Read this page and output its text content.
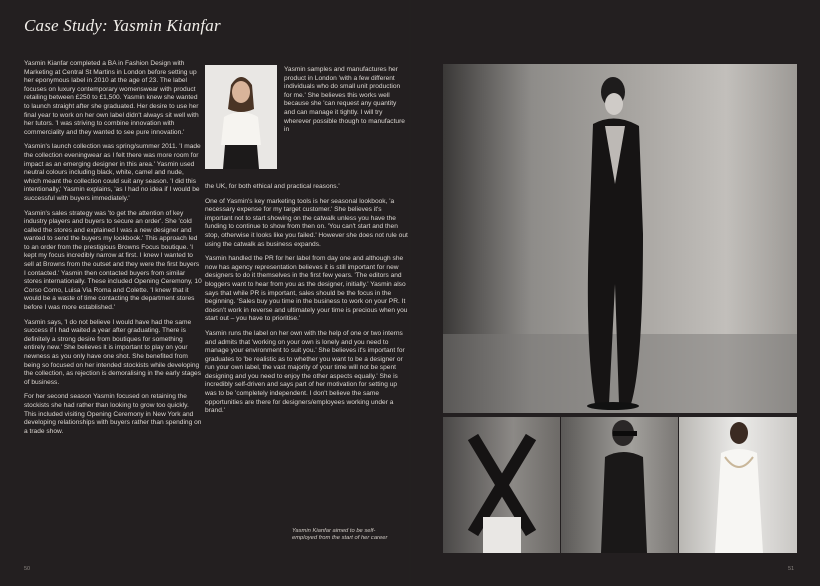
Case Study: Yasmin Kianfar

Yasmin Kianfar completed a BA in Fashion Design with Marketing at Central St Martins in London before setting up her eponymous label in 2010 at the age of 23. The label focuses on luxury contemporary womenswear with product retailing between £250 to £1,500. Yasmin knew she wanted to launch straight after she graduated. Her desire to use her final year to work on her own label didn't always sit well with her tutors. 'I was striving to combine innovation with commerciality and they wanted to see pure innovation.'

Yasmin's launch collection was spring/summer 2011. 'I made the collection eveningwear as I felt there was more room for impact as an emerging designer in this area.' Yasmin used neutral colours including black, white, camel and nude, which meant the collection could suit any season. 'I did this intentionally,' Yasmin explains, 'as I had no idea if I would be successful with buyers immediately.'

Yasmin's sales strategy was 'to get the attention of key industry players and buyers to secure an order'. She 'cold called the stores and explained I was a new designer and wanted to send the buyers my lookbook.' This approach led to an order from the prestigious Browns Focus boutique. 'I kept my focus incredibly narrow at first. I knew I wanted to sell at Browns from the outset and they were the first buyers I contacted.' Yasmin then contacted buyers from similar stores internationally. These included Opening Ceremony, 10 Corso Como, Luisa Via Roma and Colette. 'I knew that it would be a waste of time contacting the department stores before I was more established.'

Yasmin says, 'I do not believe I would have had the same success if I had waited a year after graduating. There is definitely a strong desire from boutiques for something entirely new.' She believes it is important to play on your newness as you only have one shot. She benefited from being so focused on her intended stockists while developing the collection, as rejection is demoralising in the early stages of business.

For her second season Yasmin focused on retaining the stockists she had rather than looking to grow too quickly. This included visiting Opening Ceremony in New York and developing relationships with buyers rather than spending on a trade show.

Yasmin samples and manufactures her product in London 'with a few different individuals who do small unit production for me.' She believes this works well because she 'can request any quantity and can manage it tightly. I will try wherever possible though to manufacture in

the UK, for both ethical and practical reasons.'

One of Yasmin's key marketing tools is her seasonal lookbook, 'a necessary expense for my target customer.' She believes it's important not to start showing on the catwalk unless you have the funding to continue to show from then on. 'You can't start and then stop, otherwise it looks like you failed.' However she does not rule out using the catwalk as business expands.

Yasmin handled the PR for her label from day one and although she now has agency representation believes it is still important for new designers to do it themselves in the first few years. 'The editors and bloggers want to hear from you as the designer, initially.' Yasmin also says that while PR is important, sales should be the focus in the beginning. 'Sales buy you time in the business to work on your PR. It doesn't work in reverse and ultimately your time is precious when you start out – you have to prioritise.'

Yasmin runs the label on her own with the help of one or two interns and admits that 'working on your own is lonely and you need to manage your environment to suit you.' She believes it's important for graduates to 'be realistic as to whether you want to be a designer or run your own label, the vast majority of your time will not be spent designing and you need to enjoy the other aspects equally.' She is incredibly self-driven and says part of her motivation for setting up was to be 'completely independent. I don't believe the same opportunities are there for designers/employees working under a brand.'

Yasmin Kianfar aimed to be self-employed from the start of her career
50	51
